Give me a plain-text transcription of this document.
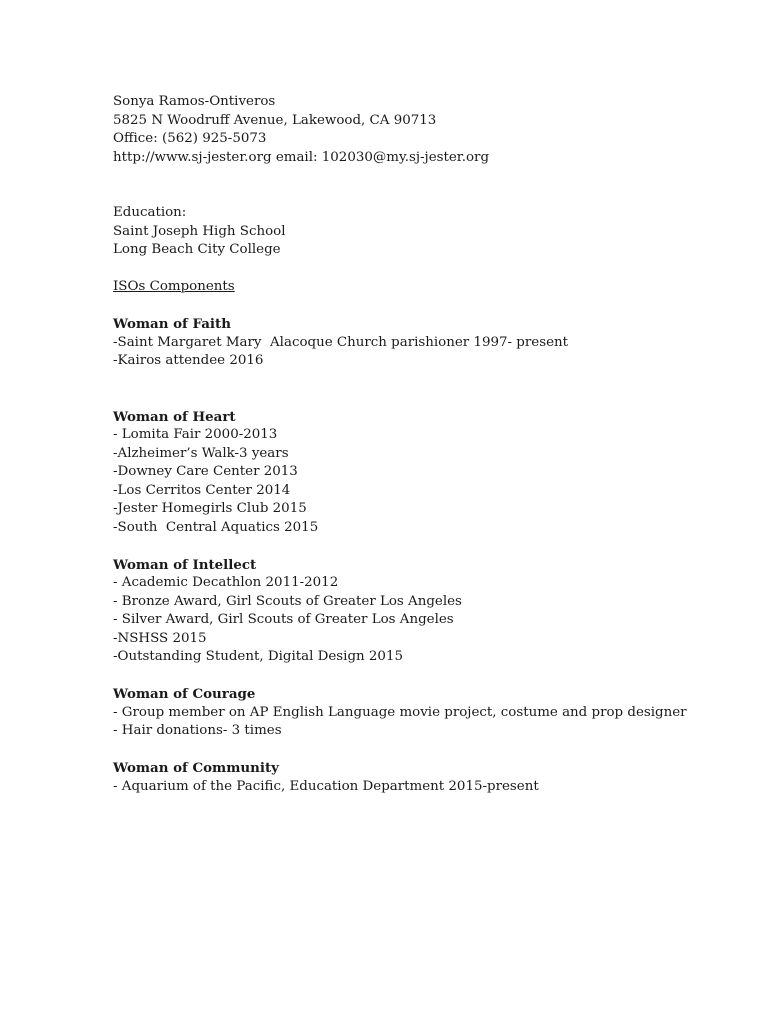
Sonya Ramos-Ontiveros
5825 N Woodruff Avenue, Lakewood, CA 90713
Office: (562) 925-5073
http://www.sj-jester.org email: 102030@my.sj-jester.org
Education:
Saint Joseph High School
Long Beach City College
ISOs Components
Woman of Faith
-Saint Margaret Mary  Alacoque Church parishioner 1997- present
-Kairos attendee 2016
Woman of Heart
- Lomita Fair 2000-2013
-Alzheimer’s Walk-3 years
-Downey Care Center 2013
-Los Cerritos Center 2014
-Jester Homegirls Club 2015
-South  Central Aquatics 2015
Woman of Intellect
- Academic Decathlon 2011-2012
- Bronze Award, Girl Scouts of Greater Los Angeles
- Silver Award, Girl Scouts of Greater Los Angeles
-NSHSS 2015
-Outstanding Student, Digital Design 2015
Woman of Courage
- Group member on AP English Language movie project, costume and prop designer
- Hair donations- 3 times
Woman of Community
- Aquarium of the Pacific, Education Department 2015-present
